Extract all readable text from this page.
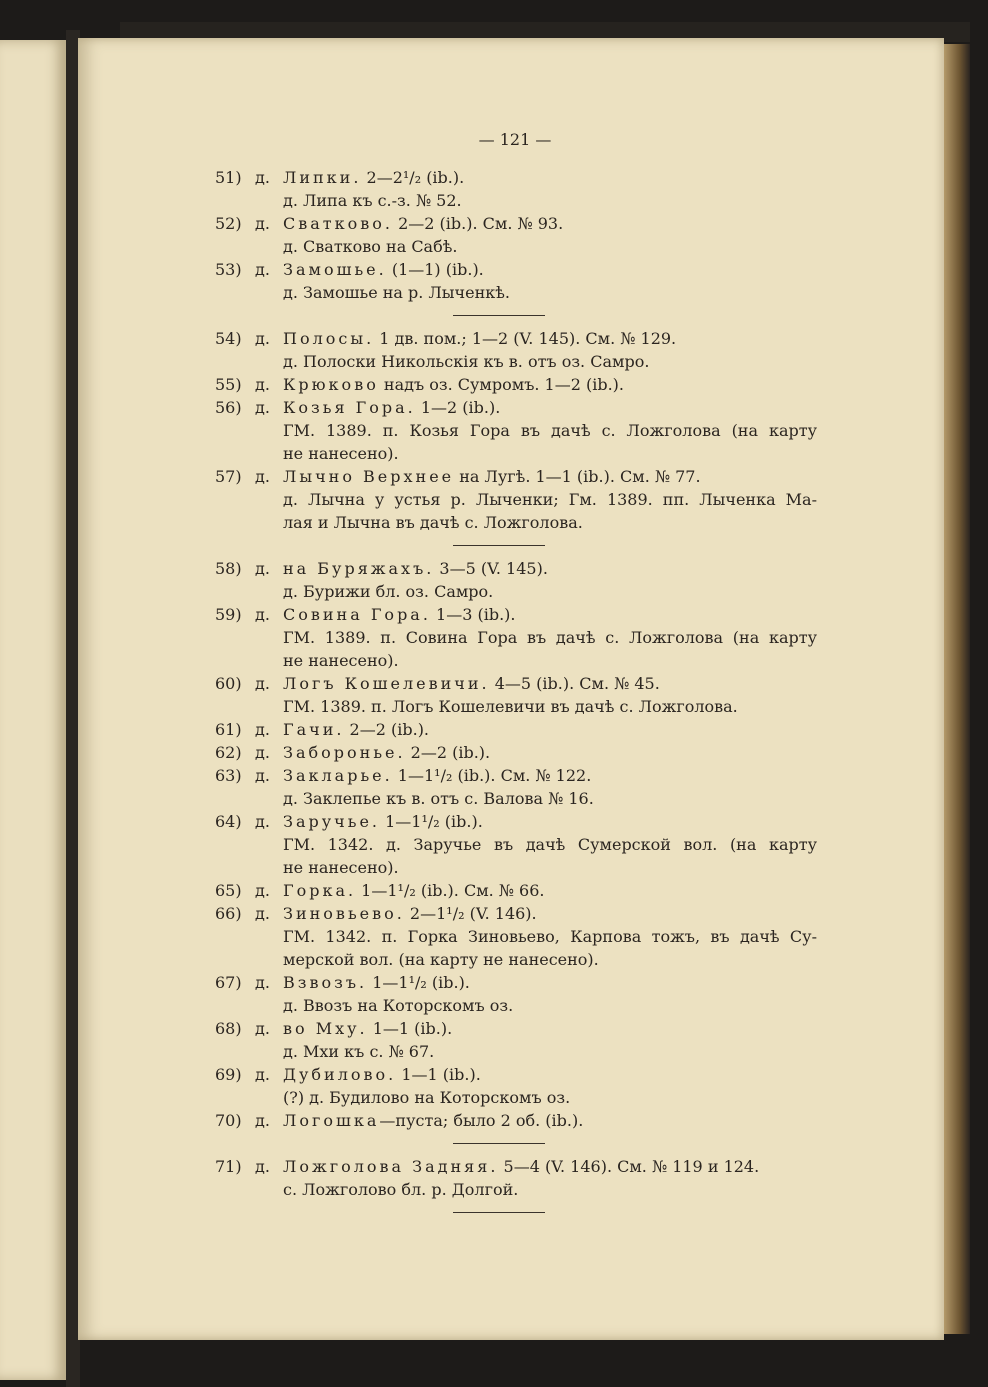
— 121 —
51) д. Липки. 2—2¹/₂ (ib.).
д. Липа къ с.-з. № 52.
52) д. Сватково. 2—2 (ib.). См. № 93.
д. Сватково на Сабѣ.
53) д. Замошье. (1—1) (ib.).
д. Замошье на р. Лыченкѣ.
54) д. Полосы. 1 дв. пом.; 1—2 (V. 145). См. № 129.
д. Полоски Никольскія къ в. отъ оз. Самро.
55) д. Крюково надъ оз. Сумромъ. 1—2 (ib.).
56) д. Козья Гора. 1—2 (ib.).
ГМ. 1389. п. Козья Гора въ дачѣ с. Ложголова (на карту
не нанесено).
57) д. Лычно Верхнее на Лугѣ. 1—1 (ib.). См. № 77.
д. Лычна у устья р. Лыченки; Гм. 1389. пп. Лыченка Ма-
лая и Лычна въ дачѣ с. Ложголова.
58) д. на Буряжахъ. 3—5 (V. 145).
д. Бурижи бл. оз. Самро.
59) д. Совина Гора. 1—3 (ib.).
ГМ. 1389. п. Совина Гора въ дачѣ с. Ложголова (на карту
не нанесено).
60) д. Логъ Кошелевичи. 4—5 (ib.). См. № 45.
ГМ. 1389. п. Логъ Кошелевичи въ дачѣ с. Ложголова.
61) д. Гачи. 2—2 (ib.).
62) д. Заборонье. 2—2 (ib.).
63) д. Заклapье. 1—1¹/₂ (ib.). См. № 122.
д. Заклепье къ в. отъ с. Валова № 16.
64) д. Заручье. 1—1¹/₂ (ib.).
ГМ. 1342. д. Заручье въ дачѣ Сумерской вол. (на карту
не нанесено).
65) д. Горка. 1—1¹/₂ (ib.). См. № 66.
66) д. Зиновьево. 2—1¹/₂ (V. 146).
ГМ. 1342. п. Горка Зиновьево, Карпова тожъ, въ дачѣ Су-
мерской вол. (на карту не нанесено).
67) д. Взвозъ. 1—1¹/₂ (ib.).
д. Ввозъ на Которскомъ оз.
68) д. во Мху. 1—1 (ib.).
д. Мхи къ с. № 67.
69) д. Дубилово. 1—1 (ib.).
(?) д. Будилово на Которскомъ оз.
70) д. Логошка—пуста; было 2 об. (ib.).
71) д. Ложголова Задняя. 5—4 (V. 146). См. № 119 и 124.
с. Ложголово бл. р. Долгой.
